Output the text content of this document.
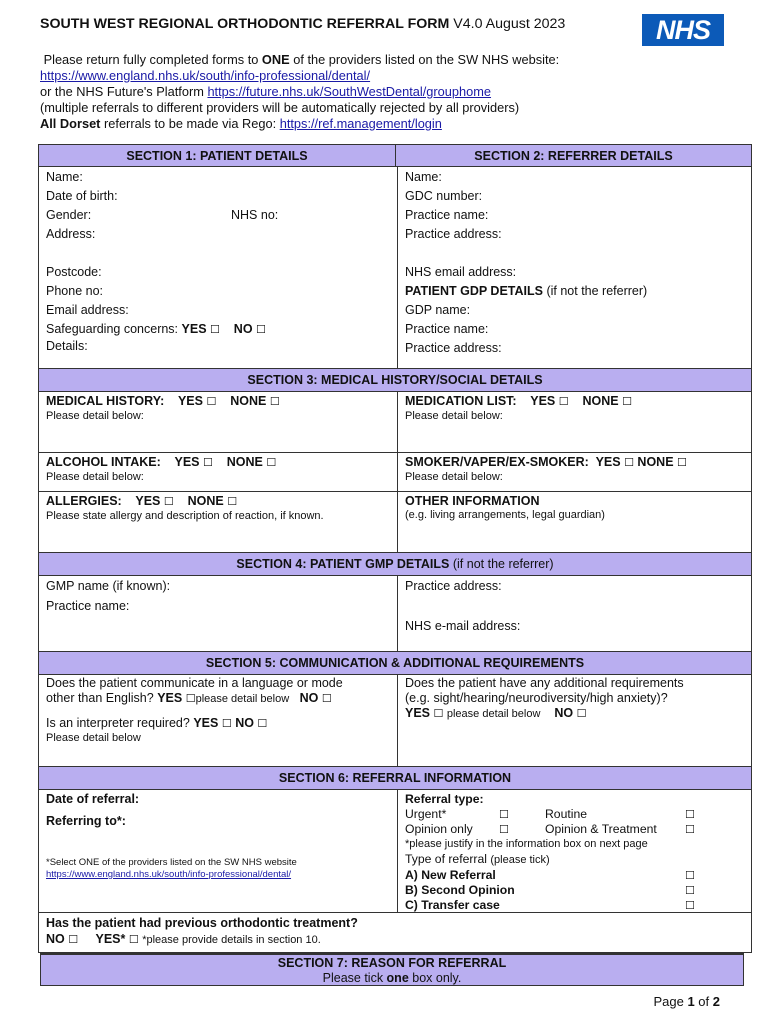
SOUTH WEST REGIONAL ORTHODONTIC REFERRAL FORM V4.0 August 2023	NHS
Please return fully completed forms to ONE of the providers listed on the SW NHS website:
https://www.england.nhs.uk/south/info-professional/dental/
or the NHS Future's Platform https://future.nhs.uk/SouthWestDental/grouphome
(multiple referrals to different providers will be automatically rejected by all providers)
All Dorset referrals to be made via Rego: https://ref.management/login
SECTION 1: PATIENT DETAILS	SECTION 2: REFERRER DETAILS
Name:
Date of birth:
Gender:	NHS no:
Address:
Postcode:
Phone no:
Email address:
Safeguarding concerns: YES ☐ NO ☐
Details:
Name:
GDC number:
Practice name:
Practice address:
NHS email address:
PATIENT GDP DETAILS (if not the referrer)
GDP name:
Practice name:
Practice address:
SECTION 3: MEDICAL HISTORY/SOCIAL DETAILS
MEDICAL HISTORY: YES ☐ NONE ☐
Please detail below:
MEDICATION LIST: YES ☐ NONE ☐
Please detail below:
ALCOHOL INTAKE: YES ☐ NONE ☐
Please detail below:
SMOKER/VAPER/EX-SMOKER: YES ☐ NONE ☐
Please detail below:
ALLERGIES: YES ☐ NONE ☐
Please state allergy and description of reaction, if known.
OTHER INFORMATION
(e.g. living arrangements, legal guardian)
SECTION 4: PATIENT GMP DETAILS (if not the referrer)
GMP name (if known):
Practice name:
Practice address:
NHS e-mail address:
SECTION 5: COMMUNICATION & ADDITIONAL REQUIREMENTS
Does the patient communicate in a language or mode
other than English? YES ☐please detail below NO ☐
Is an interpreter required? YES ☐ NO ☐
Please detail below
Does the patient have any additional requirements
(e.g. sight/hearing/neurodiversity/high anxiety)?
YES ☐ please detail below NO ☐
SECTION 6: REFERRAL INFORMATION
Date of referral:
Referring to*:
*Select ONE of the providers listed on the SW NHS website
https://www.england.nhs.uk/south/info-professional/dental/
Referral type:
Urgent*	☐	Routine	☐
Opinion only ☐	Opinion & Treatment	☐
*please justify in the information box on next page
Type of referral (please tick)
A) New Referral	☐
B) Second Opinion	☐
C) Transfer case	☐
Has the patient had previous orthodontic treatment?
NO ☐ YES* ☐ *please provide details in section 10.
SECTION 7: REASON FOR REFERRAL
Please tick one box only.
Page 1 of 2
